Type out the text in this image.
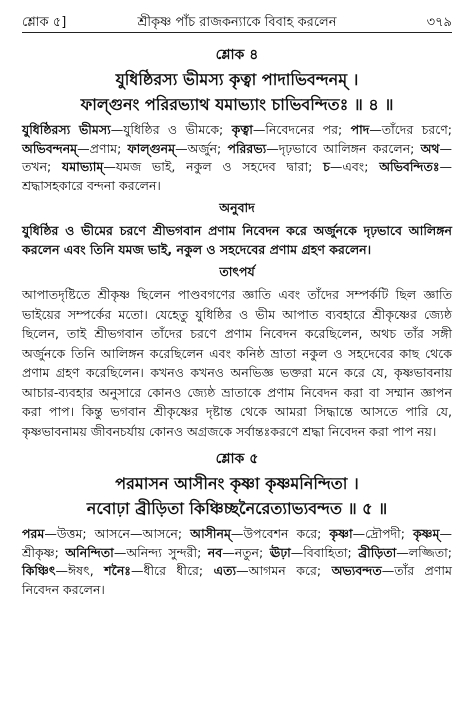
শ্লোক ৫]	শ্রীকৃষ্ণ পাঁচ রাজকন্যাকে বিবাহ করলেন	৩৭৯
শ্লোক ৪
যুধিষ্ঠিরস্য ভীমস্য কৃত্বা পাদাভিবন্দনম্ ।
ফাল্গুনং পরিরভ্যাথ যমাভ্যাং চাভিবন্দিতঃ ॥ ৪ ॥
যুধিষ্ঠিরস্য ভীমস্য—যুধিষ্ঠির ও ভীমকে; কৃত্বা—নিবেদনের পর; পাদ—তাঁদের চরণে; অভিবন্দনম্—প্রণাম; ফাল্গুনম্—অর্জুন; পরিরভ্য—দৃঢ়ভাবে আলিঙ্গন করলেন; অথ—তখন; যমাভ্যাম্—যমজ ভাই, নকুল ও সহদেব দ্বারা; চ—এবং; অভিবন্দিতঃ—শ্রদ্ধাসহকারে বন্দনা করলেন।
অনুবাদ
যুধিষ্ঠির ও ভীমের চরণে শ্রীভগবান প্রণাম নিবেদন করে অর্জুনকে দৃঢ়ভাবে আলিঙ্গন করলেন এবং তিনি যমজ ভাই, নকুল ও সহদেবের প্রণাম গ্রহণ করলেন।
তাৎপর্য
আপাতদৃষ্টিতে শ্রীকৃষ্ণ ছিলেন পাণ্ডবগণের জ্ঞাতি এবং তাঁদের সম্পর্কটি ছিল জ্ঞাতি ভাইয়ের সম্পর্কের মতো। যেহেতু যুধিষ্ঠির ও ভীম আপাত ব্যবহারে শ্রীকৃষ্ণের জ্যেষ্ঠ ছিলেন, তাই শ্রীভগবান তাঁদের চরণে প্রণাম নিবেদন করেছিলেন, অথচ তাঁর সঙ্গী অর্জুনকে তিনি আলিঙ্গন করেছিলেন এবং কনিষ্ঠ ভ্রাতা নকুল ও সহদেবের কাছ থেকে প্রণাম গ্রহণ করেছিলেন। কখনও কখনও অনভিজ্ঞ ভক্তরা মনে করে যে, কৃষ্ণভাবনায় আচার-ব্যবহার অনুসারে কোনও জ্যেষ্ঠ ভ্রাতাকে প্রণাম নিবেদন করা বা সম্মান জ্ঞাপন করা পাপ। কিন্তু ভগবান শ্রীকৃষ্ণের দৃষ্টান্ত থেকে আমরা সিদ্ধান্তে আসতে পারি যে, কৃষ্ণভাবনাময় জীবনচর্যায় কোনও অগ্রজকে সর্বান্তঃকরণে শ্রদ্ধা নিবেদন করা পাপ নয়।
শ্লোক ৫
পরমাসন আসীনং কৃষ্ণা কৃষ্ণমনিন্দিতা ।
নবোঢ়া ব্রীড়িতা কিঞ্চিচ্ছনৈরেত্যাভ্যবন্দত ॥ ৫ ॥
পরম—উত্তম; আসনে—আসনে; আসীনম্—উপবেশন করে; কৃষ্ণা—দ্রৌপদী; কৃষ্ণম্—শ্রীকৃষ্ণ; অনিন্দিতা—অনিন্দ্য সুন্দরী; নব—নতুন; ঊঢ়া—বিবাহিতা; ব্রীড়িতা—লজ্জিতা; কিঞ্চিৎ—ঈষৎ, শনৈঃ—ধীরে ধীরে; এত্য—আগমন করে; অভ্যবন্দত—তাঁর প্রণাম নিবেদন করলেন।
